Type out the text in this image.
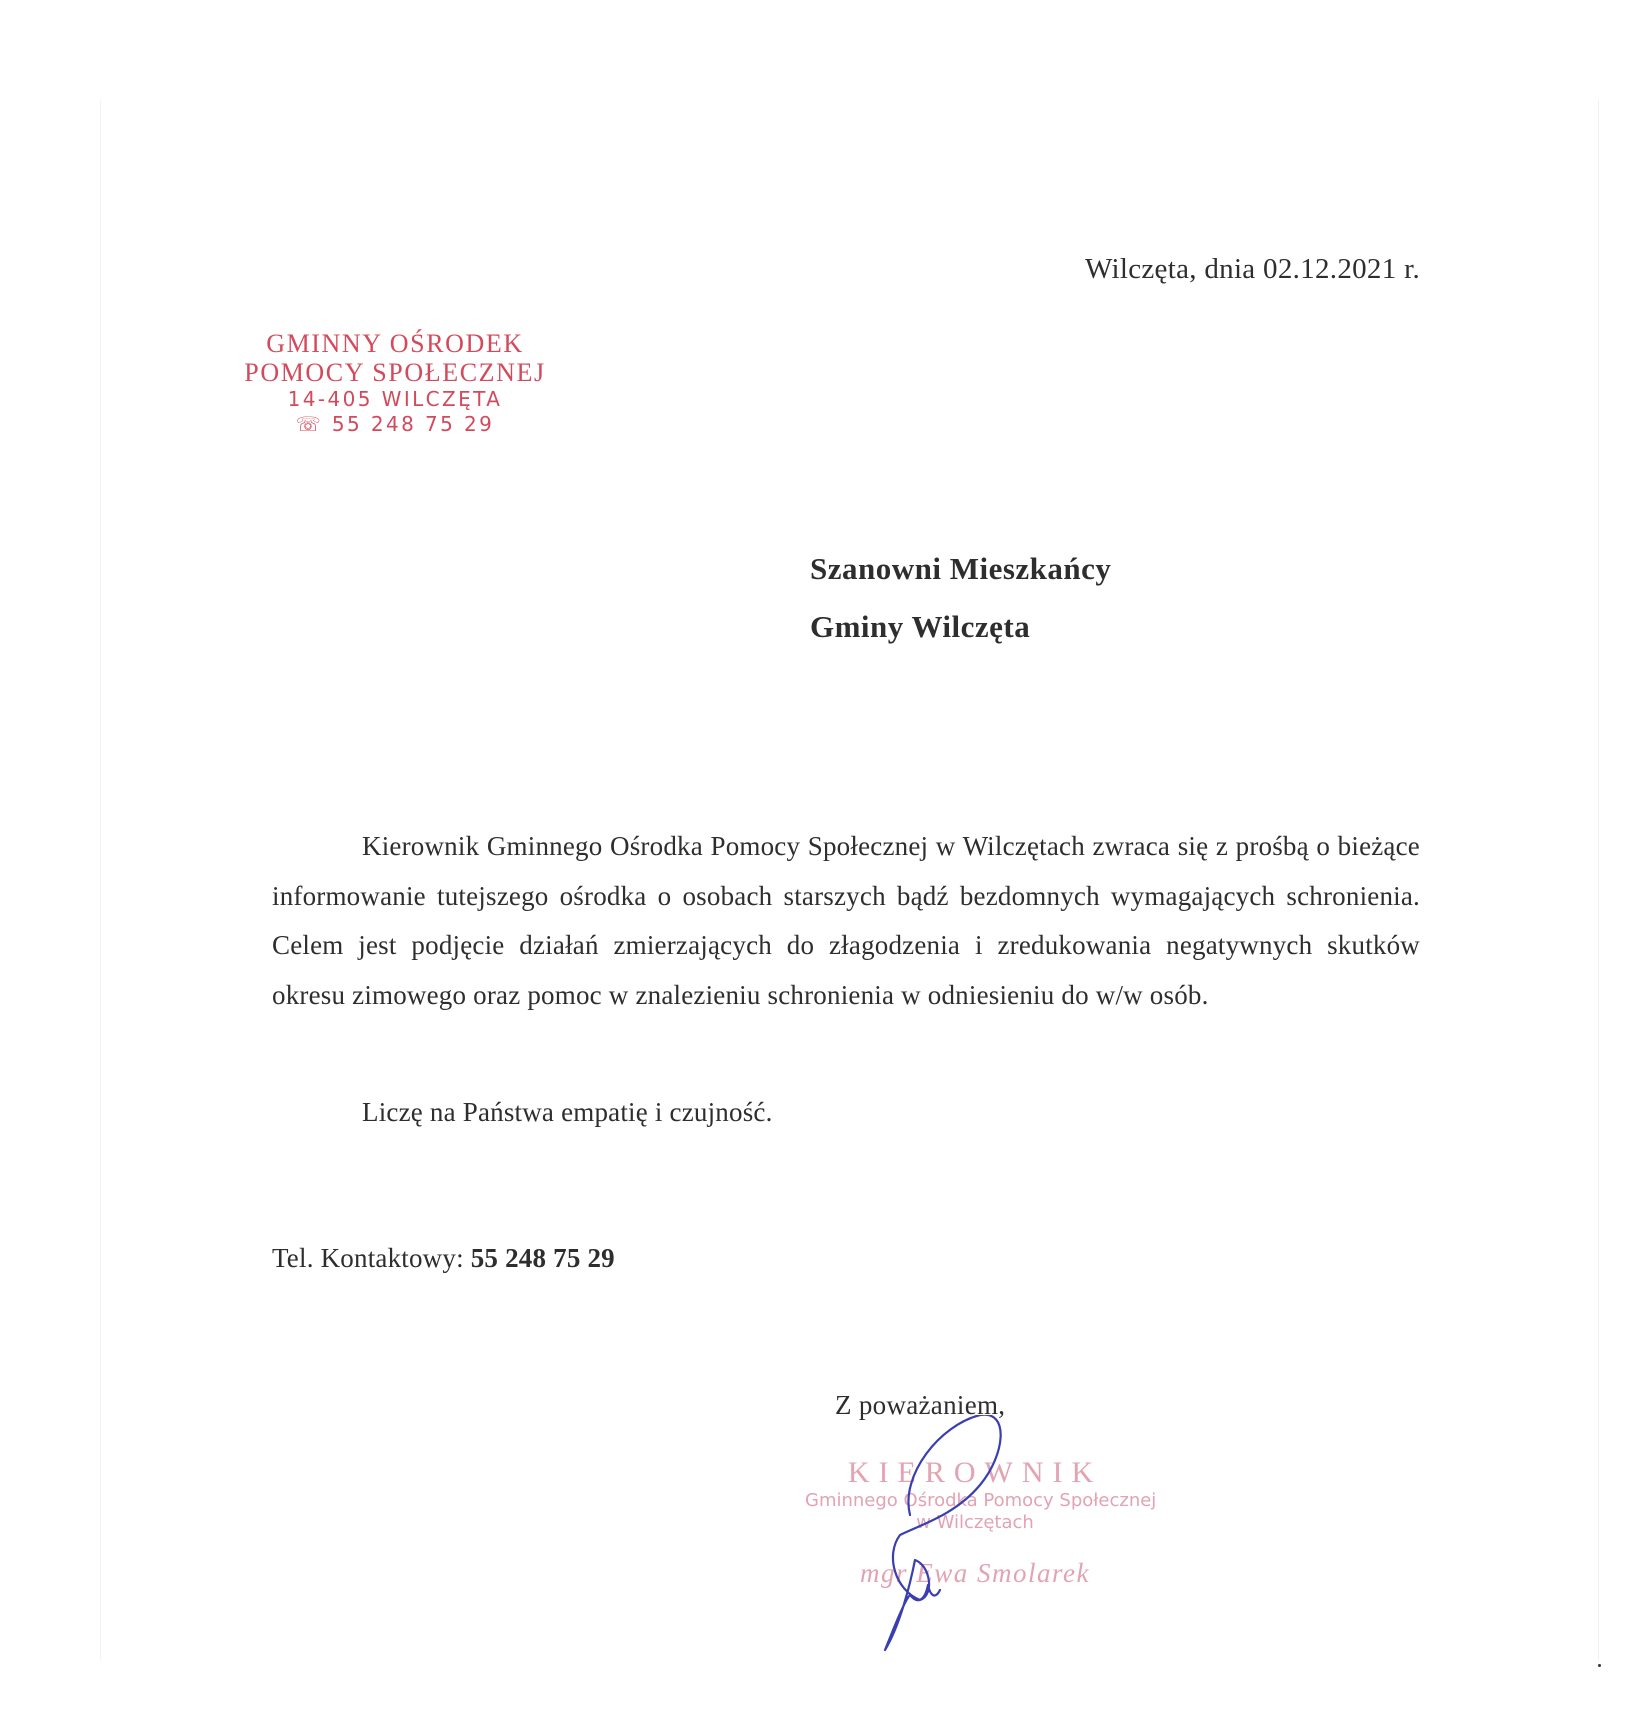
Wilczęta, dnia 02.12.2021 r.
GMINNY OŚRODEK
POMOCY SPOŁECZNEJ
14-405 WILCZĘTA
☏ 55 248 75 29
Szanowni Mieszkańcy
Gminy Wilczęta
Kierownik Gminnego Ośrodka Pomocy Społecznej w Wilczętach zwraca się z prośbą o bieżące informowanie tutejszego ośrodka o osobach starszych bądź bezdomnych wymagających schronienia. Celem jest podjęcie działań zmierzających do złagodzenia i zredukowania negatywnych skutków okresu zimowego oraz pomoc w znalezieniu schronienia w odniesieniu do w/w osób.
Liczę na Państwa empatię i czujność.
Tel. Kontaktowy: 55 248 75 29
Z poważaniem,
KIEROWNIK
Gminnego Ośrodka Pomocy Społecznej
w Wilczętach
mgr Ewa Smolarek
